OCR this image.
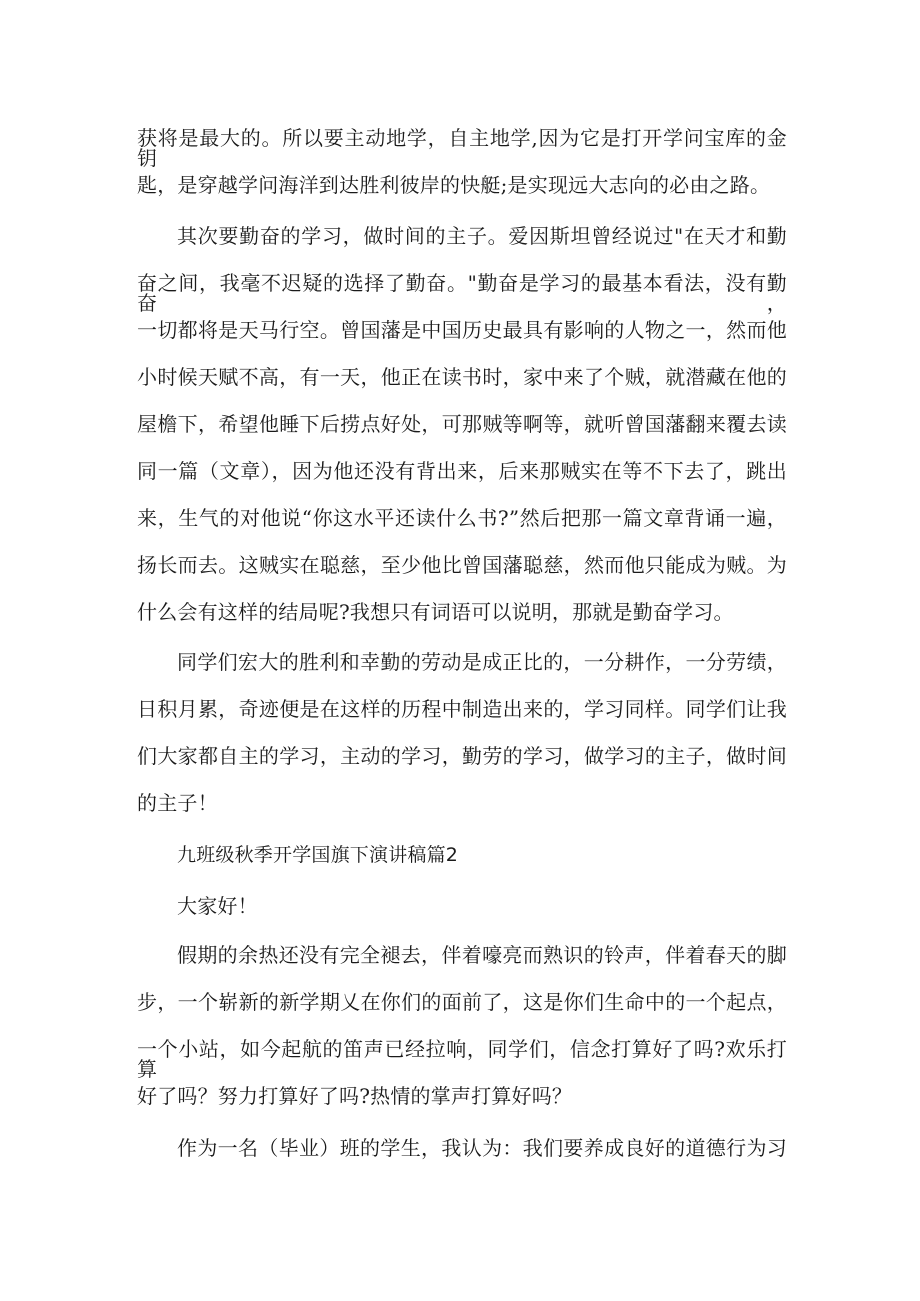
获将是最大的。所以要主动地学，自主地学,因为它是打开学问宝库的金钥
匙，是穿越学问海洋到达胜利彼岸的快艇;是实现远大志向的必由之路。
其次要勤奋的学习，做时间的主子。爱因斯坦曾经说过"在天才和勤
奋之间，我毫不迟疑的选择了勤奋。"勤奋是学习的最基本看法，没有勤奋，
一切都将是天马行空。曾国藩是中国历史最具有影响的人物之一，然而他
小时候天赋不高，有一天，他正在读书时，家中来了个贼，就潜藏在他的
屋檐下，希望他睡下后捞点好处，可那贼等啊等，就听曾国藩翻来覆去读
同一篇（文章），因为他还没有背出来，后来那贼实在等不下去了，跳出
来，生气的对他说“你这水平还读什么书?”然后把那一篇文章背诵一遍，
扬长而去。这贼实在聪慈，至少他比曾国藩聪慈，然而他只能成为贼。为
什么会有这样的结局呢?我想只有词语可以说明，那就是勤奋学习。
同学们宏大的胜利和幸勤的劳动是成正比的，一分耕作，一分劳绩，
日积月累，奇迹便是在这样的历程中制造出来的，学习同样。同学们让我
们大家都自主的学习，主动的学习，勤劳的学习，做学习的主子，做时间
的主子！
九班级秋季开学国旗下演讲稿篇2
大家好！
假期的余热还没有完全褪去，伴着嚎亮而熟识的铃声，伴着春天的脚
步，一个崭新的新学期乂在你们的面前了，这是你们生命中的一个起点，
一个小站，如今起航的笛声已经拉响，同学们，信念打算好了吗?欢乐打算
好了吗？努力打算好了吗?热情的掌声打算好吗？
作为一名（毕业）班的学生，我认为：我们要养成良好的道德行为习
